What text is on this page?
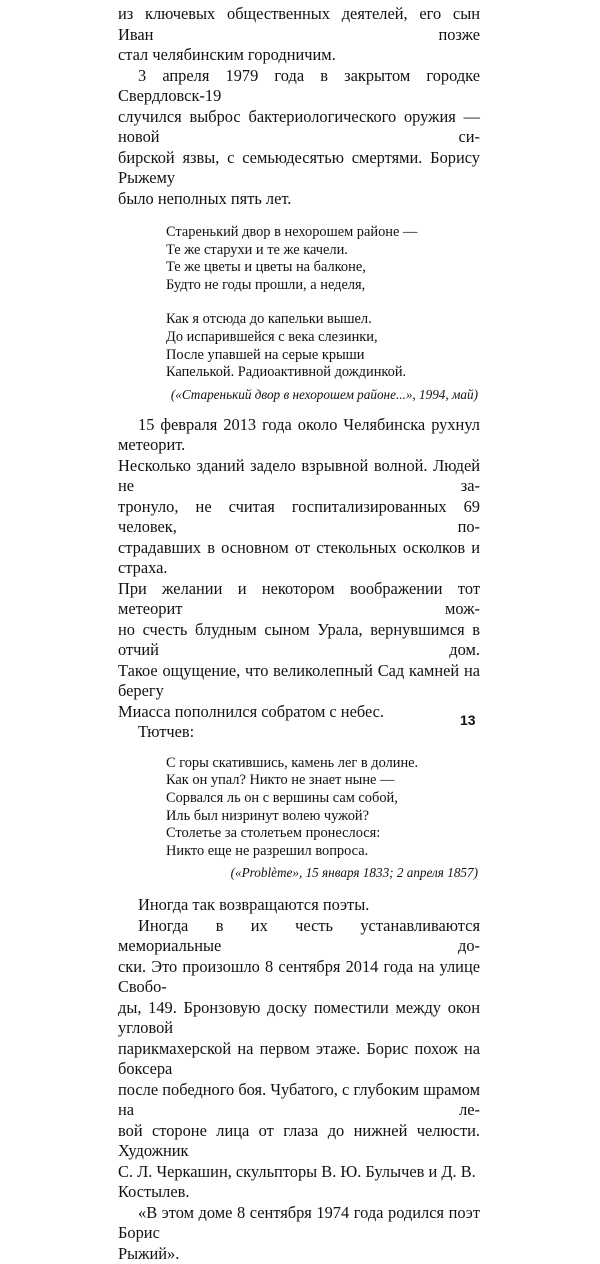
из ключевых общественных деятелей, его сын Иван позже
стал челябинским городничим.

3 апреля 1979 года в закрытом городке Свердловск-19
случился выброс бактериологического оружия — новой си-
бирской язвы, с семьюдесятью смертями. Борису Рыжему
было неполных пять лет.

Старенький двор в нехорошем районе —
Те же старухи и те же качели.
Те же цветы и цветы на балконе,
Будто не годы прошли, а неделя,
Как я отсюда до капельки вышел.
До испарившейся с века слезинки,
После упавшей на серые крыши
Капелькой. Радиоактивной дождинкой.
(«Старенький двор в нехорошем районе...», 1994, май)

15 февраля 2013 года около Челябинска рухнул метеорит.
Несколько зданий задело взрывной волной. Людей не за-
тронуло, не считая госпитализированных 69 человек, по-
страдавших в основном от стекольных осколков и страха.
При желании и некотором воображении тот метеорит мож-
но счесть блудным сыном Урала, вернувшимся в отчий дом.
Такое ощущение, что великолепный Сад камней на берегу
Миасса пополнился собратом с небес.

Тютчев:

С горы скатившись, камень лег в долине.
Как он упал? Никто не знает ныне —
Сорвался ль он с вершины сам собой,
Иль был низринут волею чужой?
Столетье за столетьем пронеслося:
Никто еще не разрешил вопроса.
(«Problème», 15 января 1833; 2 апреля 1857)

Иногда так возвращаются поэты.

Иногда в их честь устанавливаются мемориальные до-
ски. Это произошло 8 сентября 2014 года на улице Свобо-
ды, 149. Бронзовую доску поместили между окон угловой
парикмахерской на первом этаже. Борис похож на боксера
после победного боя. Чубатого, с глубоким шрамом на ле-
вой стороне лица от глаза до нижней челюсти. Художник
С. Л. Черкашин, скульпторы В. Ю. Булычев и Д. В. Костылев.

«В этом доме 8 сентября 1974 года родился поэт Борис
Рыжий».

13
